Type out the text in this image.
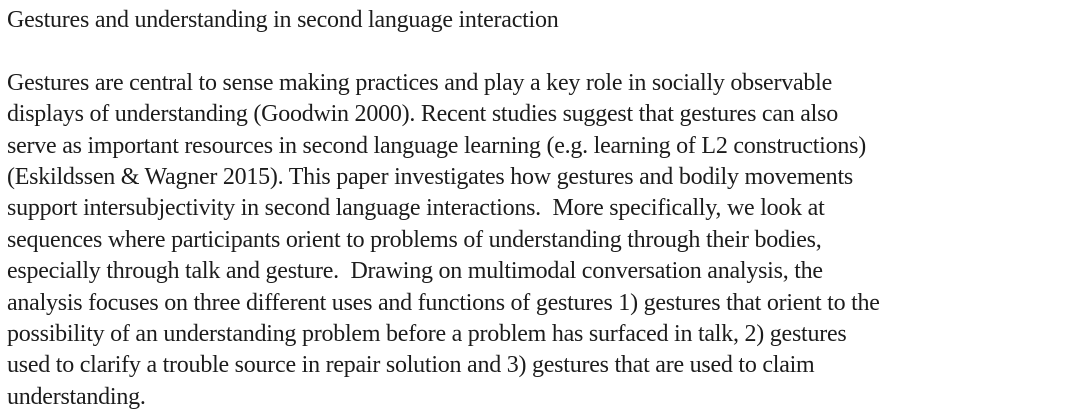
Gestures and understanding in second language interaction
Gestures are central to sense making practices and play a key role in socially observable
displays of understanding (Goodwin 2000). Recent studies suggest that gestures can also
serve as important resources in second language learning (e.g. learning of L2 constructions)
(Eskildssen & Wagner 2015). This paper investigates how gestures and bodily movements
support intersubjectivity in second language interactions.  More specifically, we look at
sequences where participants orient to problems of understanding through their bodies,
especially through talk and gesture.  Drawing on multimodal conversation analysis, the
analysis focuses on three different uses and functions of gestures 1) gestures that orient to the
possibility of an understanding problem before a problem has surfaced in talk, 2) gestures
used to clarify a trouble source in repair solution and 3) gestures that are used to claim
understanding.
